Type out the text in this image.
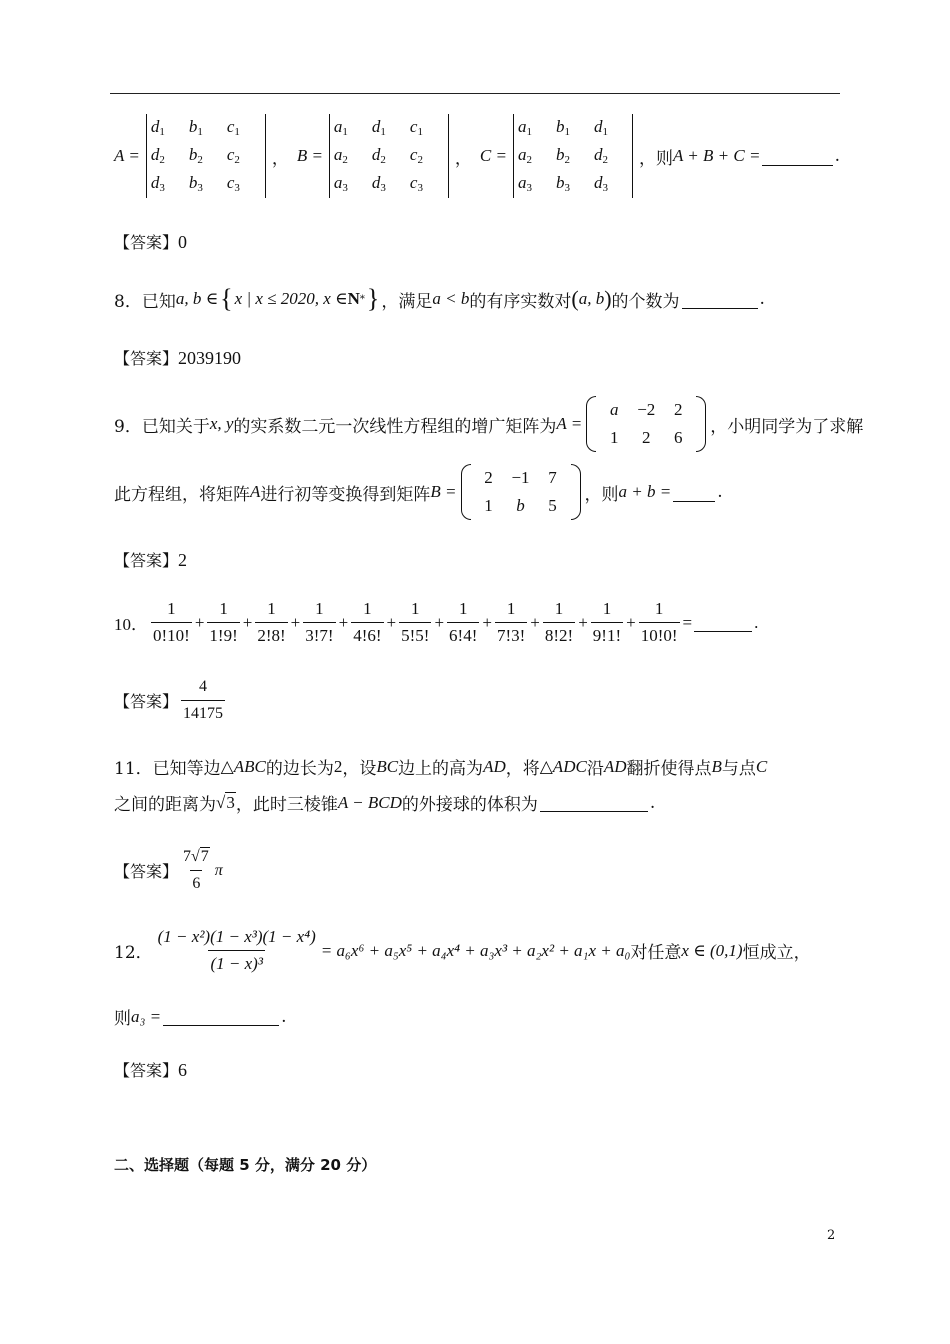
A =
$d_1$	$b_1$	$c_1$
$d_2$	$b_2$	$c_2$
$d_3$	$b_3$	$c_3$
， B =
$a_1$	$d_1$	$c_1$
$a_2$	$d_2$	$c_2$
$a_3$	$d_3$	$c_3$
， C =
$a_1$	$b_1$	$d_1$
$a_2$	$b_2$	$d_2$
$a_3$	$b_3$	$d_3$
，则 A + B + C =	.
【答案】0
8．已知 a, b ∈ { x | x ≤ 2020, x ∈ N * } ，满足 a < b 的有序实数对 ( a, b ) 的个数为	.
【答案】2039190
9．已知关于 x, y 的实系数二元一次线性方程组的增广矩阵为 A =
a	−2	2
1	2	6
，小明同学为了求解
此方程组，将矩阵 A 进行初等变换得到矩阵 B =
2	−1	7
1	b	5
，则 a + b =	.
【答案】2
10． $\frac{1}{0!10!} + \frac{1}{1!9!} + \frac{1}{2!8!} + \frac{1}{3!7!} + \frac{1}{4!6!} + \frac{1}{5!5!} + \frac{1}{6!4!} + \frac{1}{7!3!} + \frac{1}{8!2!} + \frac{1}{9!1!} + \frac{1}{10!0!}$ =	.
【答案】 $\frac{4}{14175}$
11．已知等边 △ABC 的边长为 2 ，设 BC 边上的高为 AD ，将 △ADC 沿 AD 翻折使得点 B 与点 C
之间的距离为 √ 3 ，此时三棱锥 A − BCD 的外接球的体积为	.
【答案】 $\frac{7√7}{6}$ π
12． $\frac{\text{(1 − x²)(1 − x³)(1 − x⁴)}}{\text{(1 − x)³}} = a_6x^6 + a_5x^5 + a_4x^4 + a_3x^3 + a_2x^2 + a_1x + a_0$ 对任意 x ∈ (0,1) 恒成立，
则 a₃ =	.
【答案】6
二、选择题（每题 5 分，满分 20 分）
2
